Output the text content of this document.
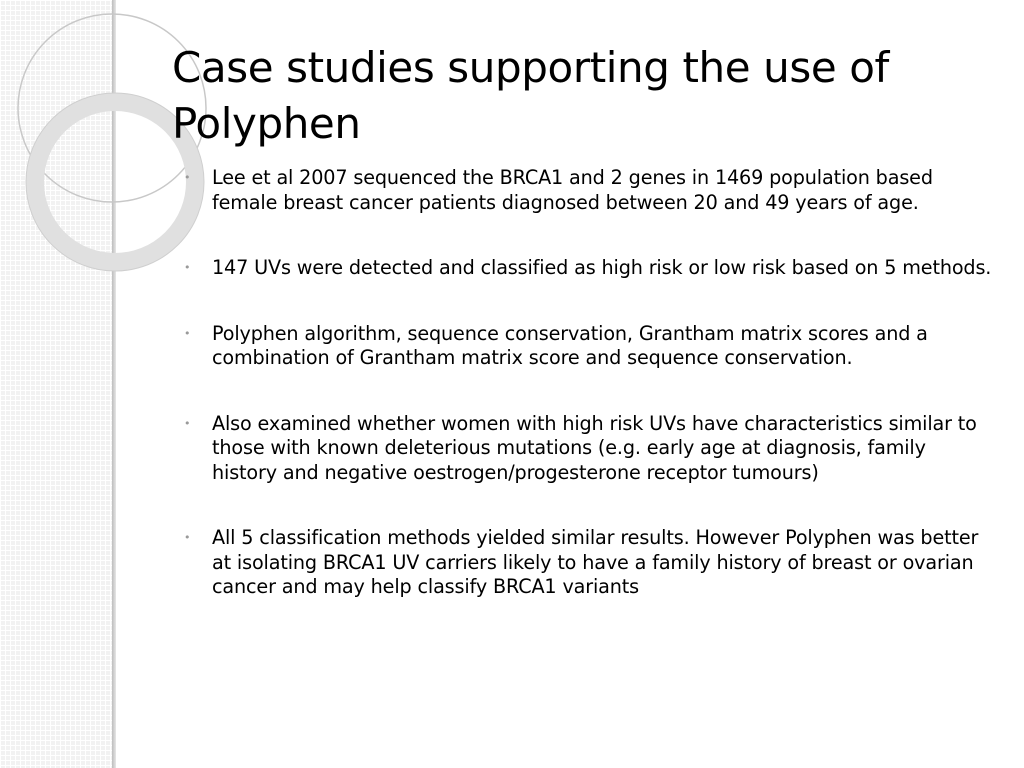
Case studies supporting the use of Polyphen
• Lee et al 2007 sequenced the BRCA1 and 2 genes in 1469 population based female breast cancer patients diagnosed between 20 and 49 years of age.
• 147 UVs were detected and classified as high risk or low risk based on 5 methods.
• Polyphen algorithm, sequence conservation, Grantham matrix scores and a combination of Grantham matrix score and sequence conservation.
• Also examined whether women with high risk UVs have characteristics similar to those with known deleterious mutations (e.g. early age at diagnosis, family history and negative oestrogen/progesterone receptor tumours)
• All 5 classification methods yielded similar results. However Polyphen was better at isolating BRCA1 UV carriers likely to have a family history of breast or ovarian cancer and may help classify BRCA1 variants
